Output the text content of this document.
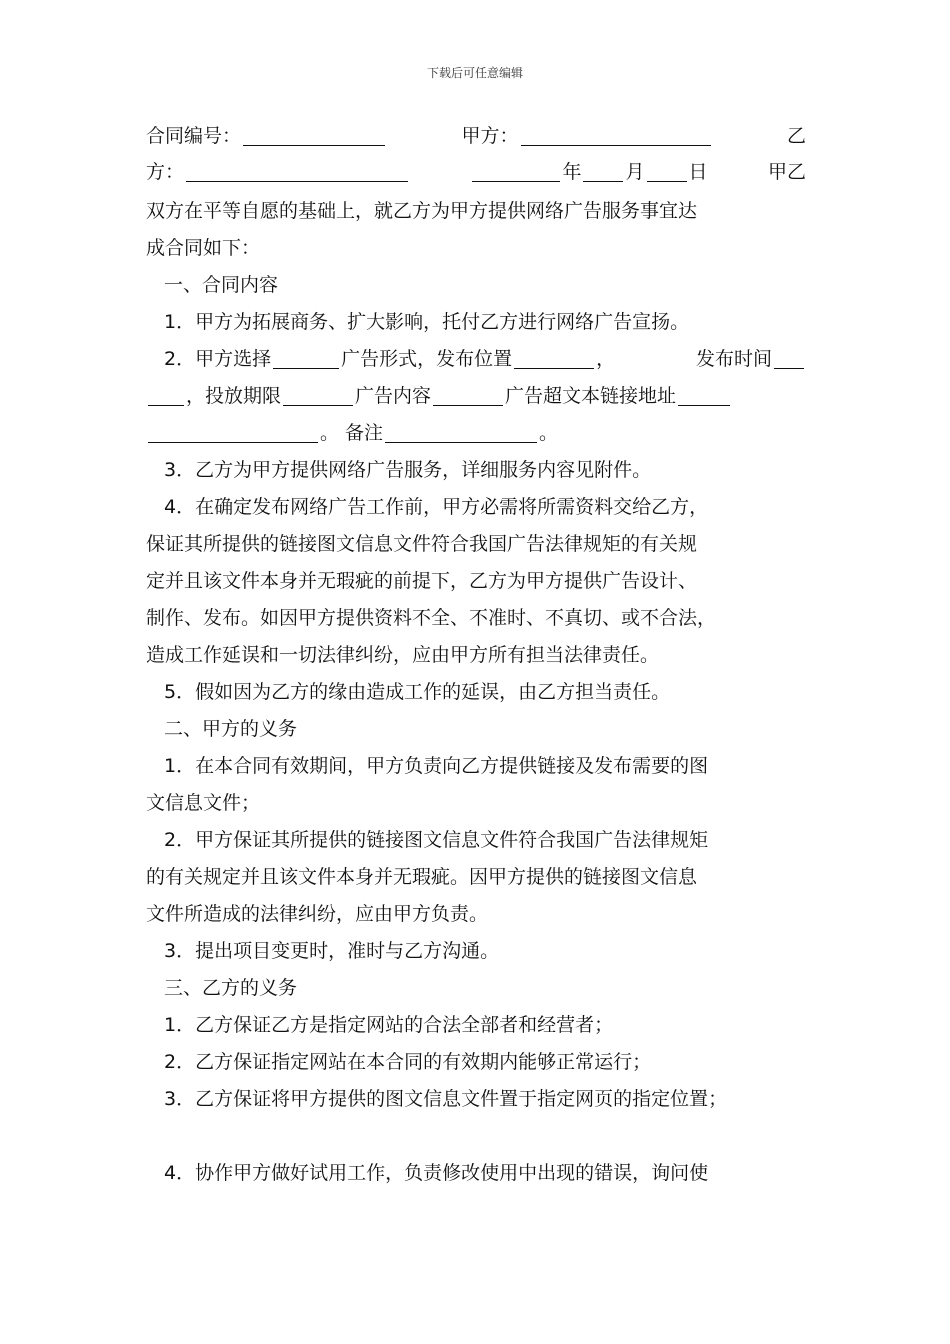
下载后可任意编辑
合同编号：	甲方：	乙
方：	年 月 日	甲乙
双方在平等自愿的基础上，就乙方为甲方提供网络广告服务事宜达
成合同如下：
一、合同内容
1．甲方为拓展商务、扩大影响，托付乙方进行网络广告宣扬。
2．甲方选择	广告形式，发布位置	，	发布时间
，投放期限	广告内容	广告超文本链接地址
。 备注	。
3．乙方为甲方提供网络广告服务，详细服务内容见附件。
4．在确定发布网络广告工作前，甲方必需将所需资料交给乙方，
保证其所提供的链接图文信息文件符合我国广告法律规矩的有关规
定并且该文件本身并无瑕疵的前提下，乙方为甲方提供广告设计、
制作、发布。如因甲方提供资料不全、不准时、不真切、或不合法，
造成工作延误和一切法律纠纷，应由甲方所有担当法律责任。
5．假如因为乙方的缘由造成工作的延误，由乙方担当责任。
二、甲方的义务
1．在本合同有效期间，甲方负责向乙方提供链接及发布需要的图
文信息文件；
2．甲方保证其所提供的链接图文信息文件符合我国广告法律规矩
的有关规定并且该文件本身并无瑕疵。因甲方提供的链接图文信息
文件所造成的法律纠纷，应由甲方负责。
3．提出项目变更时，准时与乙方沟通。
三、乙方的义务
1．乙方保证乙方是指定网站的合法全部者和经营者；
2．乙方保证指定网站在本合同的有效期内能够正常运行；
3．乙方保证将甲方提供的图文信息文件置于指定网页的指定位置；
4．协作甲方做好试用工作，负责修改使用中出现的错误，询问使
